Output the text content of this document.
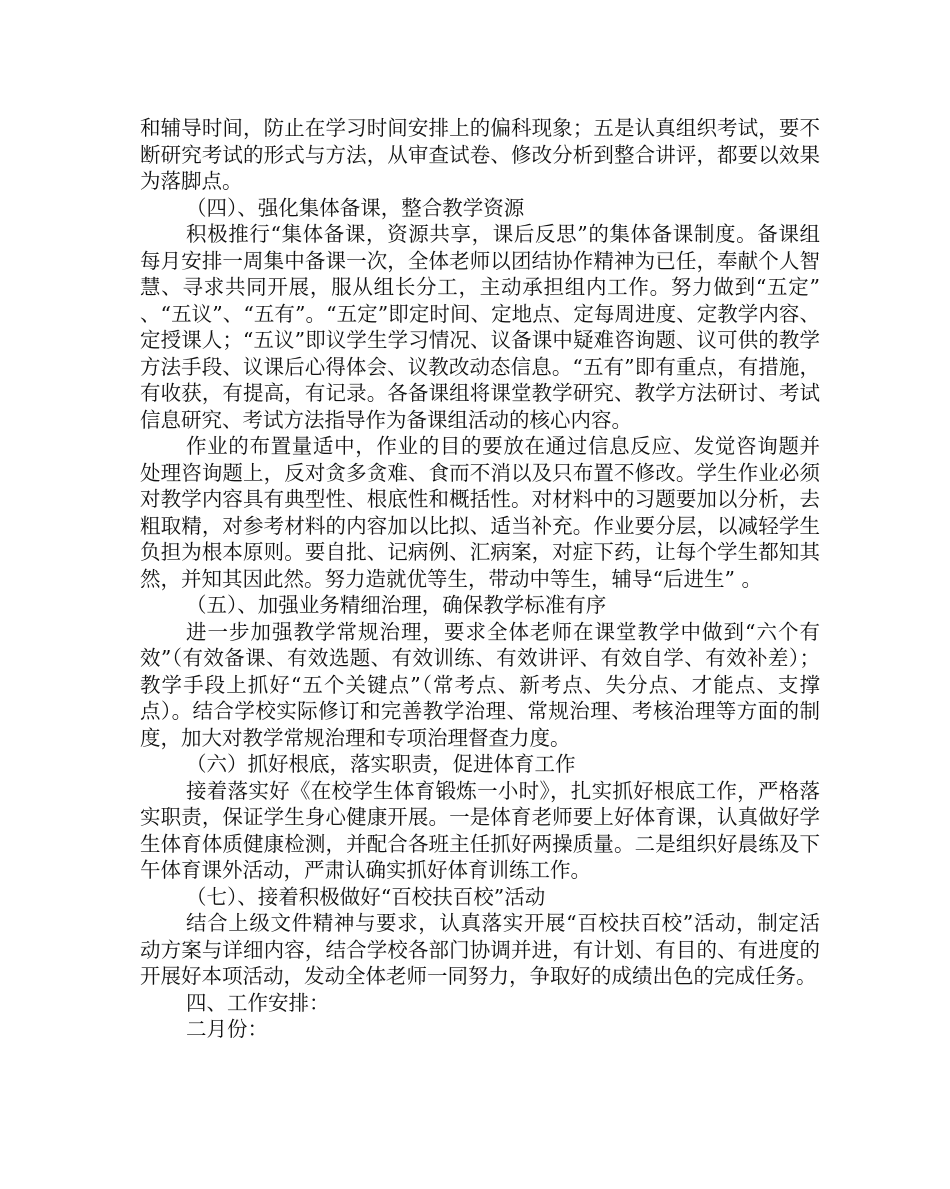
和辅导时间，防止在学习时间安排上的偏科现象；五是认真组织考试，要不断研究考试的形式与方法，从审查试卷、修改分析到整合讲评，都要以效果为落脚点。

（四）、强化集体备课，整合教学资源

积极推行“集体备课，资源共享，课后反思”的集体备课制度。备课组每月安排一周集中备课一次，全体老师以团结协作精神为已任，奉献个人智慧、寻求共同开展，服从组长分工，主动承担组内工作。努力做到“五定” 、“五议”、“五有”。“五定”即定时间、定地点、定每周进度、定教学内容、定授课人；“五议”即议学生学习情况、议备课中疑难咨询题、议可供的教学方法手段、议课后心得体会、议教改动态信息。“五有”即有重点，有措施，有收获，有提高，有记录。各备课组将课堂教学研究、教学方法研讨、考试信息研究、考试方法指导作为备课组活动的核心内容。

作业的布置量适中，作业的目的要放在通过信息反应、发觉咨询题并处理咨询题上，反对贪多贪难、食而不消以及只布置不修改。学生作业必须对教学内容具有典型性、根底性和概括性。对材料中的习题要加以分析，去粗取精，对参考材料的内容加以比拟、适当补充。作业要分层，以减轻学生负担为根本原则。要自批、记病例、汇病案，对症下药，让每个学生都知其然，并知其因此然。努力造就优等生，带动中等生，辅导“后进生” 。

（五）、加强业务精细治理，确保教学标准有序

进一步加强教学常规治理，要求全体老师在课堂教学中做到“六个有效”（有效备课、有效选题、有效训练、有效讲评、有效自学、有效补差）；教学手段上抓好“五个关键点”（常考点、新考点、失分点、才能点、支撑点）。结合学校实际修订和完善教学治理、常规治理、考核治理等方面的制度，加大对教学常规治理和专项治理督查力度。

（六）抓好根底，落实职责，促进体育工作

接着落实好《在校学生体育锻炼一小时》，扎实抓好根底工作，严格落实职责，保证学生身心健康开展。一是体育老师要上好体育课，认真做好学生体育体质健康检测，并配合各班主任抓好两操质量。二是组织好晨练及下午体育课外活动，严肃认确实抓好体育训练工作。

（七）、接着积极做好“百校扶百校”活动

结合上级文件精神与要求，认真落实开展“百校扶百校”活动，制定活动方案与详细内容，结合学校各部门协调并进，有计划、有目的、有进度的开展好本项活动，发动全体老师一同努力，争取好的成绩出色的完成任务。

四、工作安排：

二月份：
